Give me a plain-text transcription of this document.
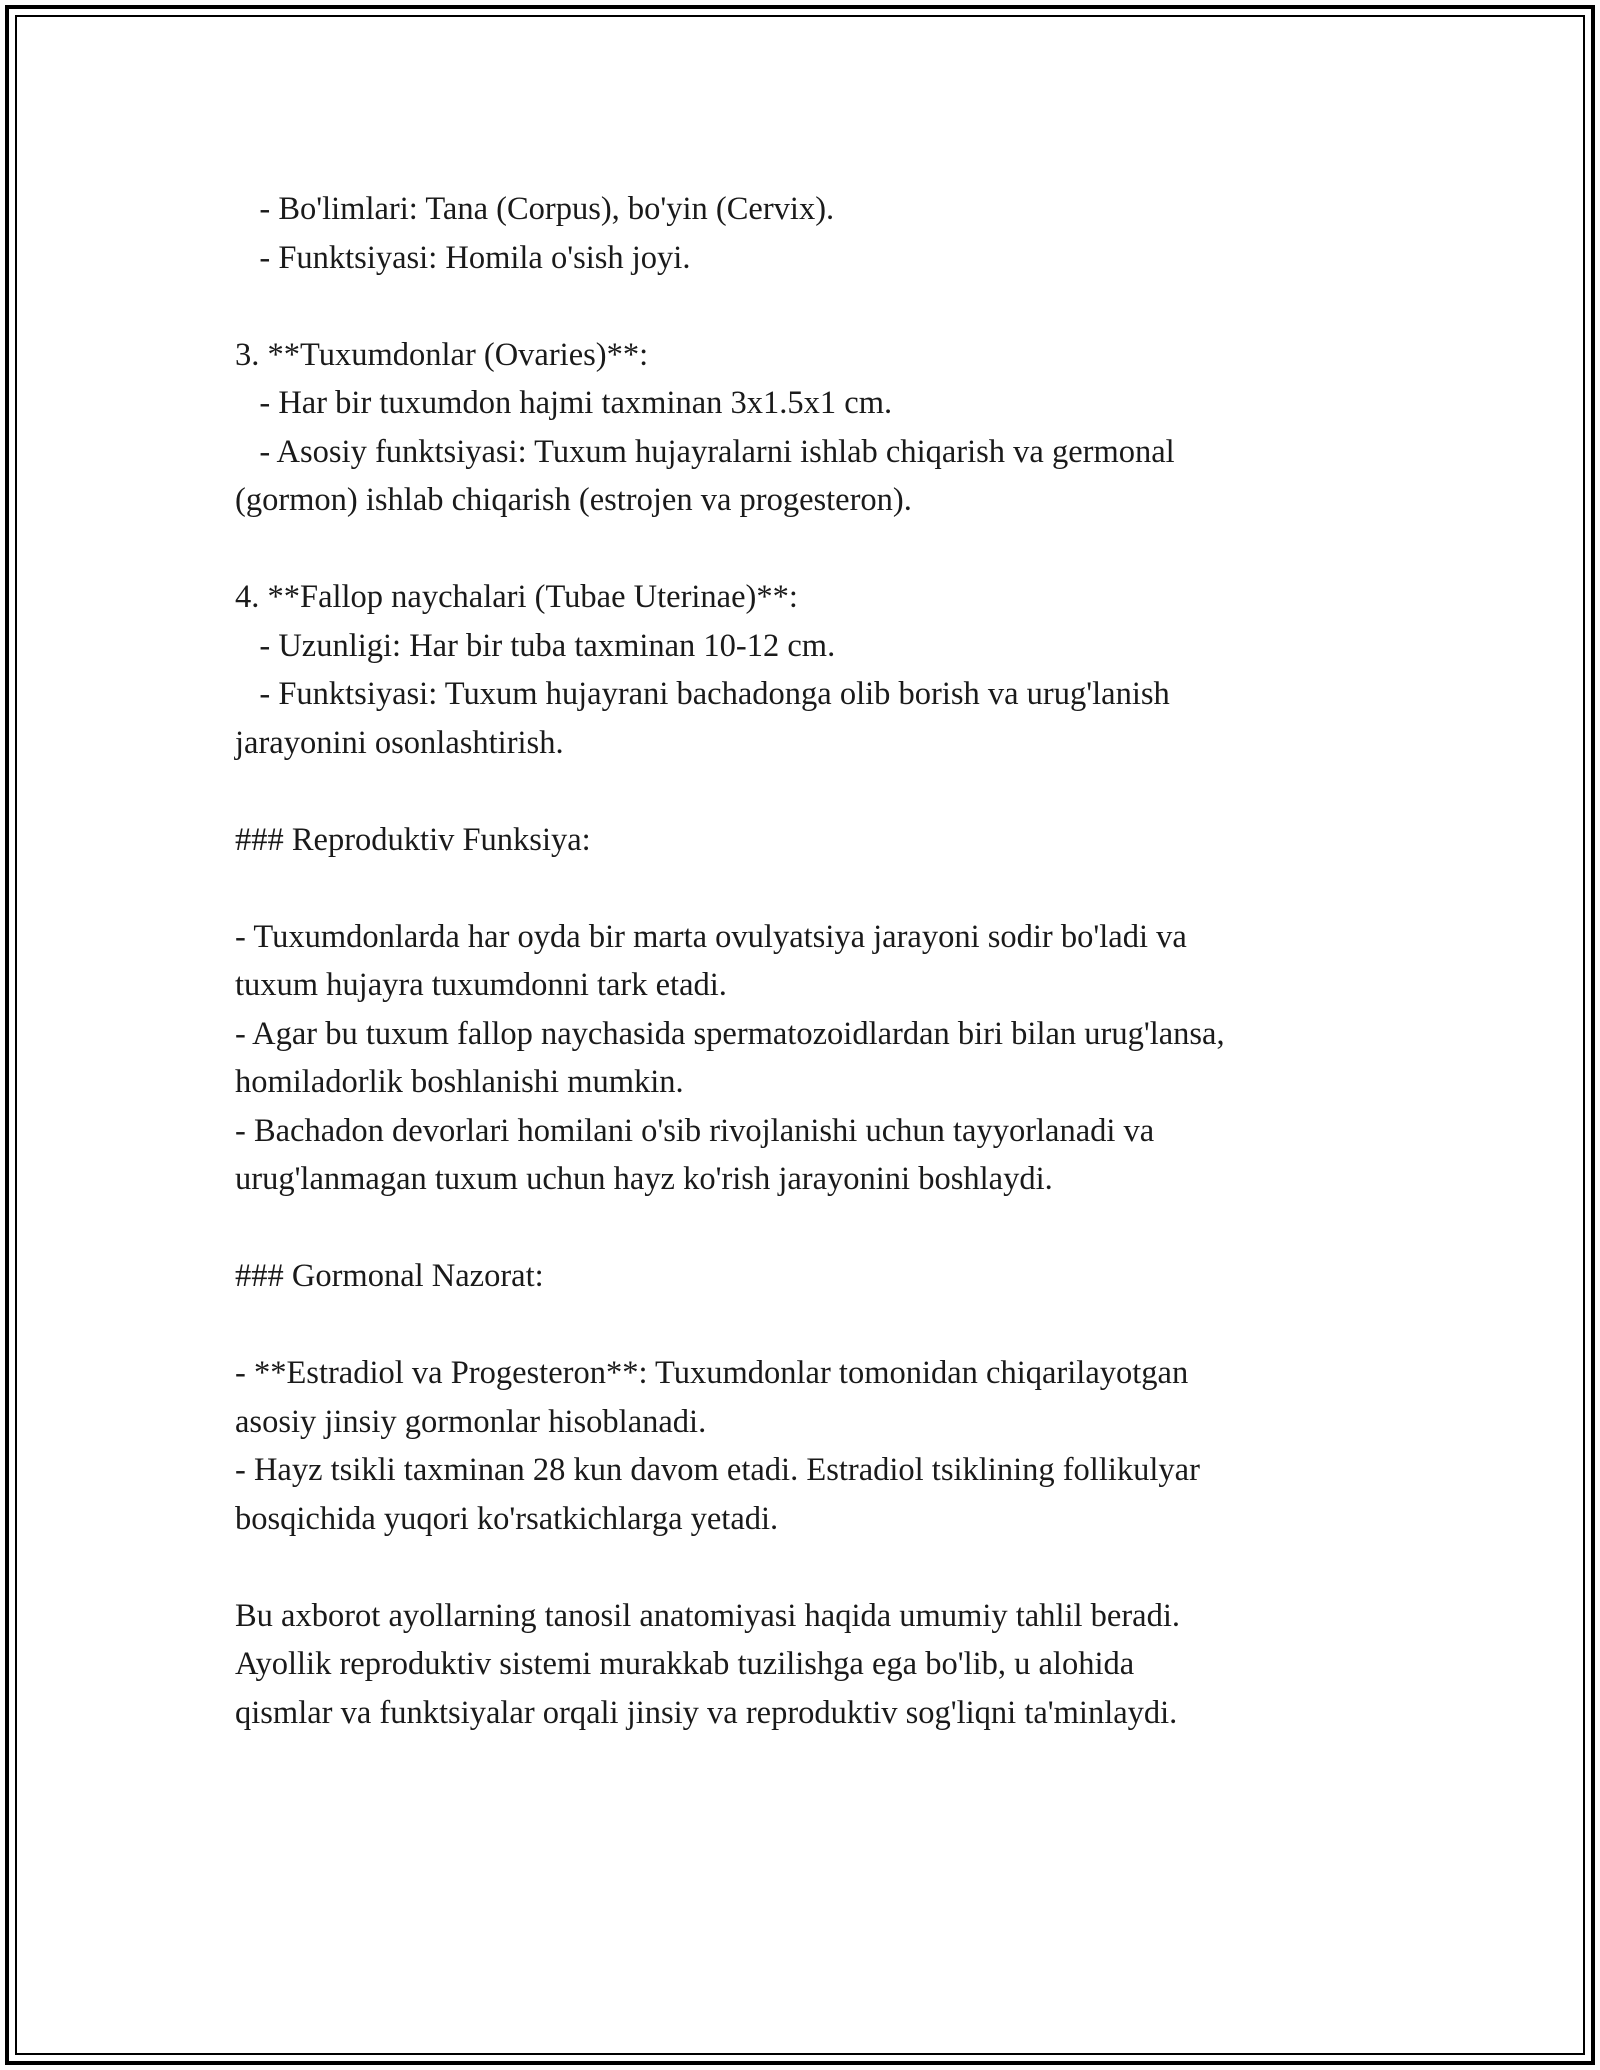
- Bo'limlari: Tana (Corpus), bo'yin (Cervix).
- Funktsiyasi: Homila o'sish joyi.
3. **Tuxumdonlar (Ovaries)**:
- Har bir tuxumdon hajmi taxminan 3x1.5x1 cm.
- Asosiy funktsiyasi: Tuxum hujayralarni ishlab chiqarish va germonal
(gormon) ishlab chiqarish (estrojen va progesteron).
4. **Fallop naychalari (Tubae Uterinae)**:
- Uzunligi: Har bir tuba taxminan 10-12 cm.
- Funktsiyasi: Tuxum hujayrani bachadonga olib borish va urug'lanish
jarayonini osonlashtirish.
### Reproduktiv Funksiya:
- Tuxumdonlarda har oyda bir marta ovulyatsiya jarayoni sodir bo'ladi va
tuxum hujayra tuxumdonni tark etadi.
- Agar bu tuxum fallop naychasida spermatozoidlardan biri bilan urug'lansa,
homiladorlik boshlanishi mumkin.
- Bachadon devorlari homilani o'sib rivojlanishi uchun tayyorlanadi va
urug'lanmagan tuxum uchun hayz ko'rish jarayonini boshlaydi.
### Gormonal Nazorat:
- **Estradiol va Progesteron**: Tuxumdonlar tomonidan chiqarilayotgan
asosiy jinsiy gormonlar hisoblanadi.
- Hayz tsikli taxminan 28 kun davom etadi. Estradiol tsiklining follikulyar
bosqichida yuqori ko'rsatkichlarga yetadi.
Bu axborot ayollarning tanosil anatomiyasi haqida umumiy tahlil beradi.
Ayollik reproduktiv sistemi murakkab tuzilishga ega bo'lib, u alohida
qismlar va funktsiyalar orqali jinsiy va reproduktiv sog'liqni ta'minlaydi.
